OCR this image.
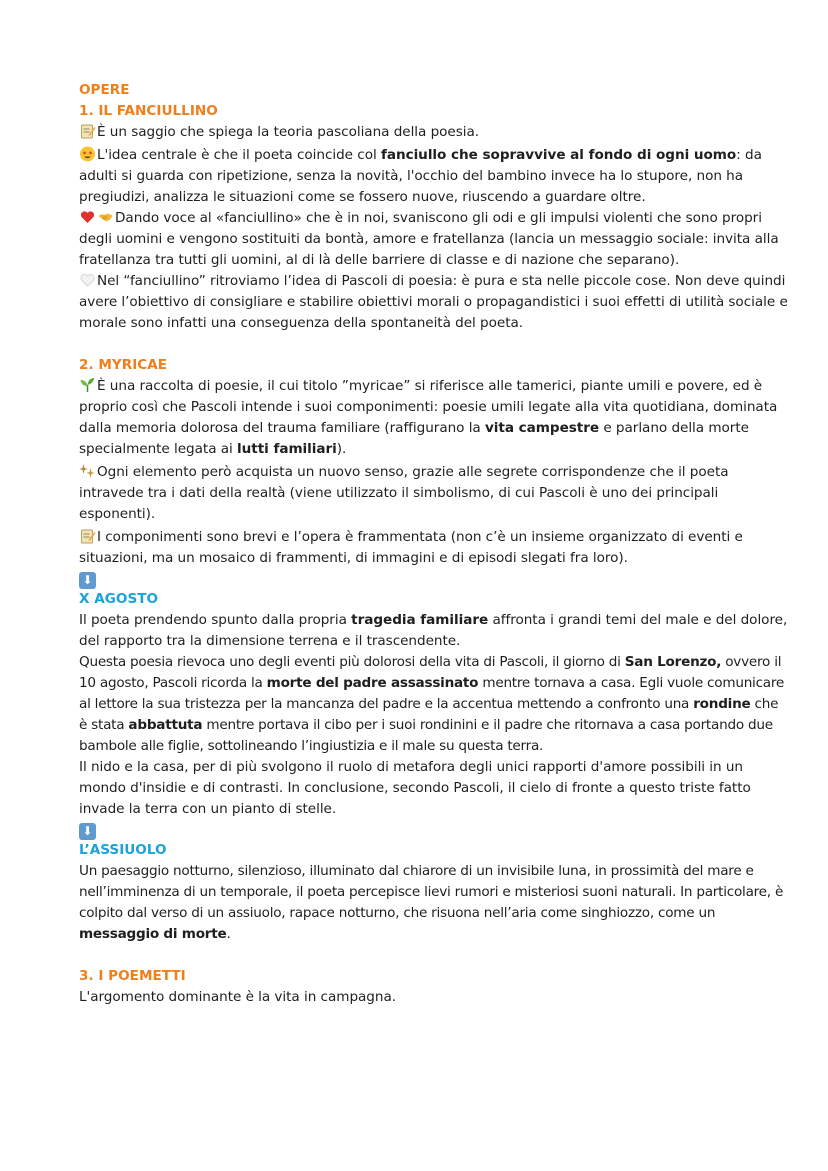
OPERE
1. IL FANCIULLINO

È un saggio che spiega la teoria pascoliana della poesia.

L'idea centrale è che il poeta coincide col fanciullo che sopravvive al fondo di ogni uomo: da adulti si guarda con ripetizione, senza la novità, l'occhio del bambino invece ha lo stupore, non ha pregiudizi, analizza le situazioni come se fossero nuove, riuscendo a guardare oltre.

Dando voce al «fanciullino» che è in noi, svaniscono gli odi e gli impulsi violenti che sono propri degli uomini e vengono sostituiti da bontà, amore e fratellanza (lancia un messaggio sociale: invita alla fratellanza tra tutti gli uomini, al di là delle barriere di classe e di nazione che separano).

Nel “fanciullino” ritroviamo l’idea di Pascoli di poesia: è pura e sta nelle piccole cose. Non deve quindi avere l’obiettivo di consigliare e stabilire obiettivi morali o propagandistici i suoi effetti di utilità sociale e morale sono infatti una conseguenza della spontaneità del poeta.

2. MYRICAE

È una raccolta di poesie, il cui titolo ”myricae” si riferisce alle tamerici, piante umili e povere, ed è proprio così che Pascoli intende i suoi componimenti: poesie umili legate alla vita quotidiana, dominata dalla memoria dolorosa del trauma familiare (raffigurano la vita campestre e parlano della morte specialmente legata ai lutti familiari).

Ogni elemento però acquista un nuovo senso, grazie alle segrete corrispondenze che il poeta intravede tra i dati della realtà (viene utilizzato il simbolismo, di cui Pascoli è uno dei principali esponenti).

I componimenti sono brevi e l’opera è frammentata (non c’è un insieme organizzato di eventi e situazioni, ma un mosaico di frammenti, di immagini e di episodi slegati fra loro).

⬇
X AGOSTO

Il poeta prendendo spunto dalla propria tragedia familiare affronta i grandi temi del male e del dolore, del rapporto tra la dimensione terrena e il trascendente.

Questa poesia rievoca uno degli eventi più dolorosi della vita di Pascoli, il giorno di San Lorenzo, ovvero il 10 agosto, Pascoli ricorda la morte del padre assassinato mentre tornava a casa. Egli vuole comunicare al lettore la sua tristezza per la mancanza del padre e la accentua mettendo a confronto una rondine che è stata abbattuta mentre portava il cibo per i suoi rondinini e il padre che ritornava a casa portando due bambole alle figlie, sottolineando l’ingiustizia e il male su questa terra.

Il nido e la casa, per di più svolgono il ruolo di metafora degli unici rapporti d'amore possibili in un mondo d'insidie e di contrasti. In conclusione, secondo Pascoli, il cielo di fronte a questo triste fatto invade la terra con un pianto di stelle.

⬇
L’ASSIUOLO

Un paesaggio notturno, silenzioso, illuminato dal chiarore di un invisibile luna, in prossimità del mare e nell’imminenza di un temporale, il poeta percepisce lievi rumori e misteriosi suoni naturali. In particolare, è colpito dal verso di un assiuolo, rapace notturno, che risuona nell’aria come singhiozzo, come un messaggio di morte.

3. I POEMETTI

L'argomento dominante è la vita in campagna.
